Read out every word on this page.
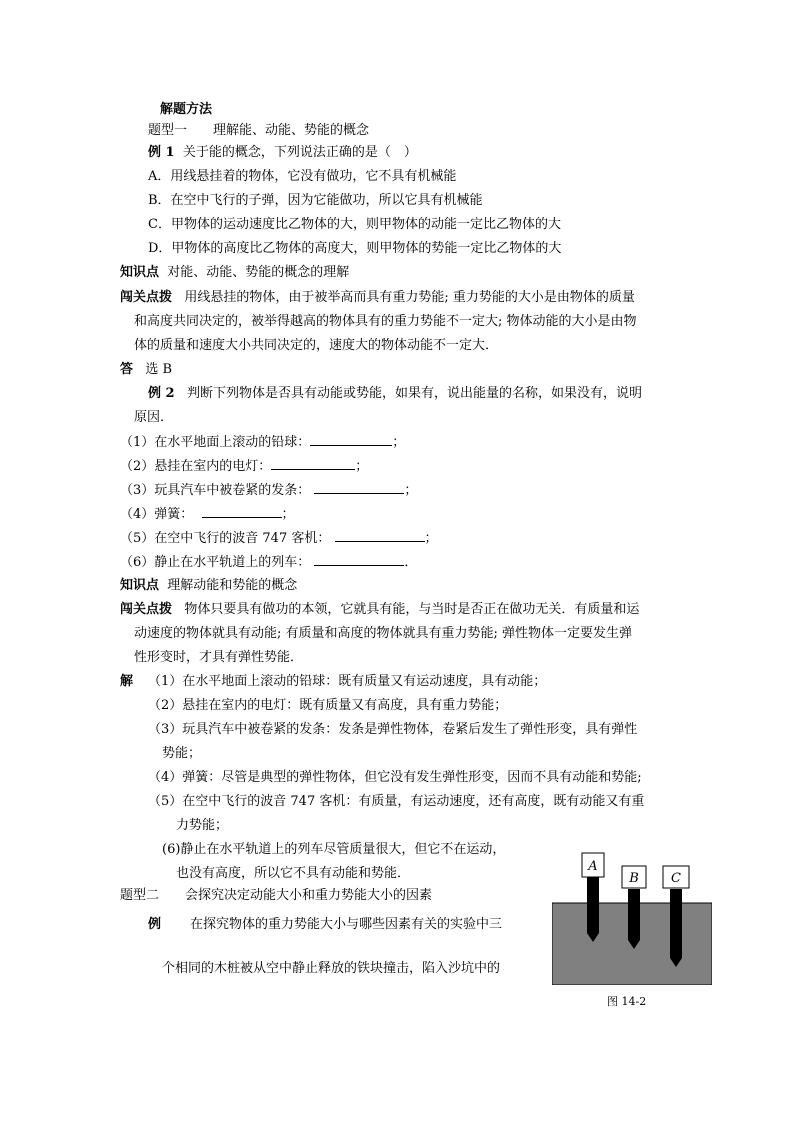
解题方法
题型一　　理解能、动能、势能的概念
例 1 关于能的概念，下列说法正确的是（　）
A．用线悬挂着的物体，它没有做功，它不具有机械能
B．在空中飞行的子弹，因为它能做功，所以它具有机械能
C．甲物体的运动速度比乙物体的大，则甲物体的动能一定比乙物体的大
D．甲物体的高度比乙物体的高度大，则甲物体的势能一定比乙物体的大
知识点 对能、动能、势能的概念的理解
闯关点拨 用线悬挂的物体，由于被举高而具有重力势能; 重力势能的大小是由物体的质量
和高度共同决定的，被举得越高的物体具有的重力势能不一定大; 物体动能的大小是由物
体的质量和速度大小共同决定的，速度大的物体动能不一定大．
答 选 B
例 2 判断下列物体是否具有动能或势能，如果有，说出能量的名称，如果没有，说明
原因．
（1）在水平地面上滚动的铅球：	；
（2）悬挂在室内的电灯：	；
（3）玩具汽车中被卷紧的发条：	；
（4）弹簧：	；
（5）在空中飞行的波音 747 客机：	；
（6）静止在水平轨道上的列车：	．
知识点 理解动能和势能的概念
闯关点拨 物体只要具有做功的本领，它就具有能，与当时是否正在做功无关．有质量和运
动速度的物体就具有动能; 有质量和高度的物体就具有重力势能; 弹性物体一定要发生弹
性形变时，才具有弹性势能．
解 （1）在水平地面上滚动的铅球：既有质量又有运动速度，具有动能；
（2）悬挂在室内的电灯：既有质量又有高度，具有重力势能；
（3）玩具汽车中被卷紧的发条：发条是弹性物体，卷紧后发生了弹性形变，具有弹性
势能；
（4）弹簧：尽管是典型的弹性物体，但它没有发生弹性形变，因而不具有动能和势能;
（5）在空中飞行的波音 747 客机：有质量，有运动速度，还有高度，既有动能又有重
力势能；
(6)静止在水平轨道上的列车尽管质量很大，但它不在运动，
也没有高度，所以它不具有动能和势能．
题型二　　会探究决定动能大小和重力势能大小的因素
例 在探究物体的重力势能大小与哪些因素有关的实验中三
个相同的木桩被从空中静止释放的铁块撞击，陷入沙坑中的
A
B C
图 14-2
